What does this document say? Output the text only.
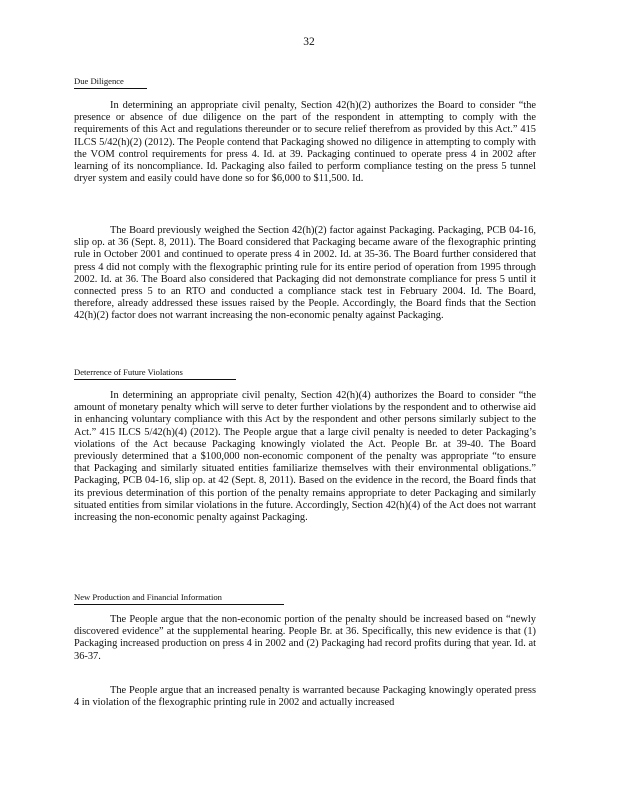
32
Due Diligence

In determining an appropriate civil penalty, Section 42(h)(2) authorizes the Board to consider “the presence or absence of due diligence on the part of the respondent in attempting to comply with the requirements of this Act and regulations thereunder or to secure relief therefrom as provided by this Act.” 415 ILCS 5/42(h)(2) (2012). The People contend that Packaging showed no diligence in attempting to comply with the VOM control requirements for press 4. Id. at 39. Packaging continued to operate press 4 in 2002 after learning of its noncompliance. Id. Packaging also failed to perform compliance testing on the press 5 tunnel dryer system and easily could have done so for $6,000 to $11,500. Id.

The Board previously weighed the Section 42(h)(2) factor against Packaging. Packaging, PCB 04-16, slip op. at 36 (Sept. 8, 2011). The Board considered that Packaging became aware of the flexographic printing rule in October 2001 and continued to operate press 4 in 2002. Id. at 35-36. The Board further considered that press 4 did not comply with the flexographic printing rule for its entire period of operation from 1995 through 2002. Id. at 36. The Board also considered that Packaging did not demonstrate compliance for press 5 until it connected press 5 to an RTO and conducted a compliance stack test in February 2004. Id. The Board, therefore, already addressed these issues raised by the People. Accordingly, the Board finds that the Section 42(h)(2) factor does not warrant increasing the non-economic penalty against Packaging.

Deterrence of Future Violations

In determining an appropriate civil penalty, Section 42(h)(4) authorizes the Board to consider “the amount of monetary penalty which will serve to deter further violations by the respondent and to otherwise aid in enhancing voluntary compliance with this Act by the respondent and other persons similarly subject to the Act.” 415 ILCS 5/42(h)(4) (2012). The People argue that a large civil penalty is needed to deter Packaging’s violations of the Act because Packaging knowingly violated the Act. People Br. at 39-40. The Board previously determined that a $100,000 non-economic component of the penalty was appropriate “to ensure that Packaging and similarly situated entities familiarize themselves with their environmental obligations.” Packaging, PCB 04-16, slip op. at 42 (Sept. 8, 2011). Based on the evidence in the record, the Board finds that its previous determination of this portion of the penalty remains appropriate to deter Packaging and similarly situated entities from similar violations in the future. Accordingly, Section 42(h)(4) of the Act does not warrant increasing the non-economic penalty against Packaging.

New Production and Financial Information

The People argue that the non-economic portion of the penalty should be increased based on “newly discovered evidence” at the supplemental hearing. People Br. at 36. Specifically, this new evidence is that (1) Packaging increased production on press 4 in 2002 and (2) Packaging had record profits during that year. Id. at 36-37.

The People argue that an increased penalty is warranted because Packaging knowingly operated press 4 in violation of the flexographic printing rule in 2002 and actually increased
